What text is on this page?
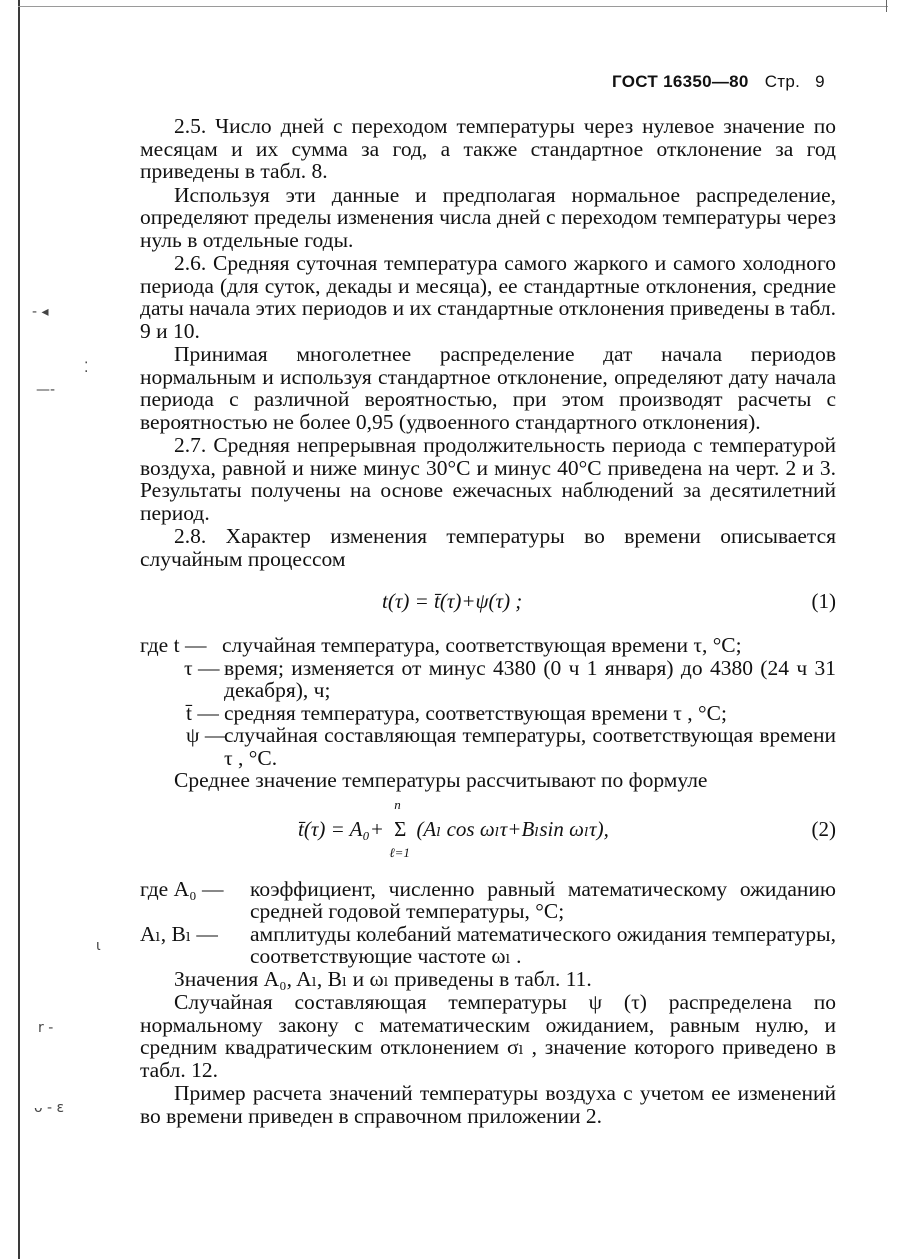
ГОСТ 16350—80 Стр. 9
‐ ◂
—‑
⁚
ι
r ‑
ᴗ ‑ ɛ

2.5. Число дней с переходом температуры через нулевое значение по месяцам и их сумма за год, а также стандартное отклонение за год приведены в табл. 8.

Используя эти данные и предполагая нормальное распределение, определяют пределы изменения числа дней с переходом температуры через нуль в отдельные годы.

2.6. Средняя суточная температура самого жаркого и самого холодного периода (для суток, декады и месяца), ее стандартные отклонения, средние даты начала этих периодов и их стандартные отклонения приведены в табл. 9 и 10.

Принимая многолетнее распределение дат начала периодов нормальным и используя стандартное отклонение, определяют дату начала периода с различной вероятностью, при этом производят расчеты с вероятностью не более 0,95 (удвоенного стандартного отклонения).

2.7. Средняя непрерывная продолжительность периода с температурой воздуха, равной и ниже минус 30°С и минус 40°С приведена на черт. 2 и 3. Результаты получены на основе ежечасных наблюдений за десятилетний период.

2.8. Характер изменения температуры во времени описывается случайным процессом

t(τ) = t̄(τ)+ψ(τ) ;	(1)
где t — случайная температура, соответствующая времени τ, °С;
τ — время; изменяется от минус 4380 (0 ч 1 января) до 4380 (24 ч 31 декабря), ч;
t̄ — средняя температура, соответствующая времени τ , °С;
ψ —
случайная составляющая температуры, соответствующая времени τ , °С.

Среднее значение температуры рассчитывают по формуле

t̄(τ) = A₀+
n
Σ
ℓ=1
(Aₗ cos ωₗτ+Bₗsin ωₗτ),	(2)
где A₀ —	коэффициент, численно равный математическому ожиданию средней годовой температуры, °С;
Aₗ, Bₗ —	амплитуды колебаний математического ожидания температуры, соответствующие частоте ωₗ .

Значения A₀, Aₗ, Bₗ и ωₗ приведены в табл. 11.

Случайная составляющая температуры ψ (τ) распределена по нормальному закону с математическим ожиданием, равным нулю, и средним квадратическим отклонением σₗ , значение которого приведено в табл. 12.

Пример расчета значений температуры воздуха с учетом ее изменений во времени приведен в справочном приложении 2.
